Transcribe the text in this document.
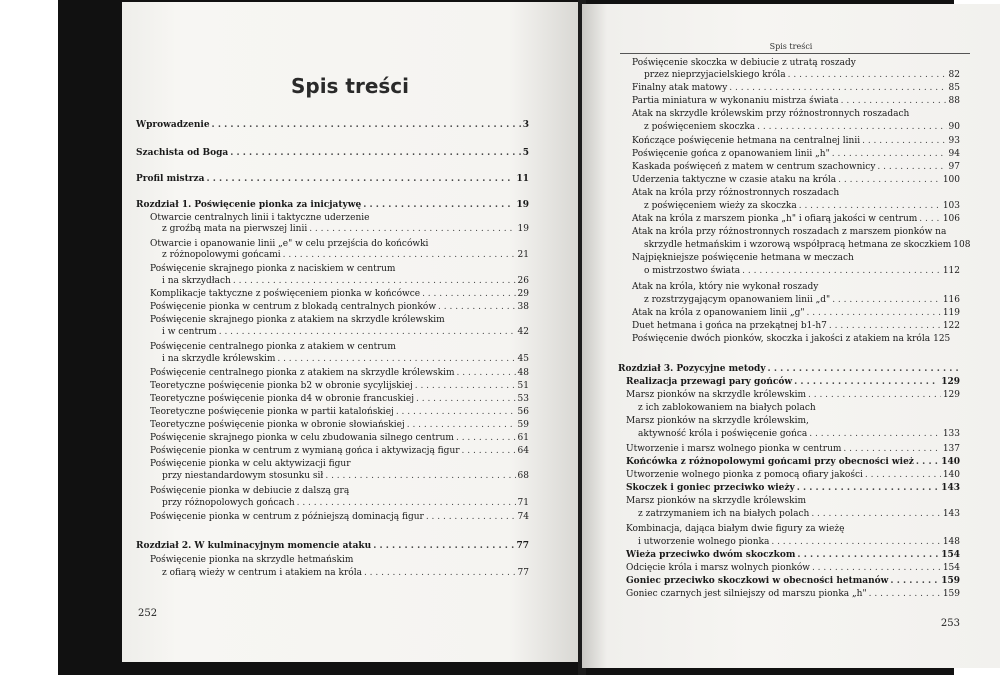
Spis treści
Wprowadzenie . . .	3
Szachista od Boga . . .	5
Profil mistrza . . .	11
Rozdział 1. Poświęcenie pionka za inicjatywę . . .	19
Otwarcie centralnych linii i taktyczne uderzenie
z groźbą mata na pierwszej linii . . .	19
Otwarcie i opanowanie linii „e" w celu przejścia do końcówki
z różnopolowymi gońcami . . .	21
Poświęcenie skrajnego pionka z naciskiem w centrum
i na skrzydłach . . .	26
Komplikacje taktyczne z poświęceniem pionka w końcówce . . .	29
Poświęcenie pionka w centrum z blokadą centralnych pionków . . .	38
Poświęcenie skrajnego pionka z atakiem na skrzydle królewskim
i w centrum . . .	42
Poświęcenie centralnego pionka z atakiem w centrum
i na skrzydle królewskim . . .	45
Poświęcenie centralnego pionka z atakiem na skrzydle królewskim . . .	48
Teoretyczne poświęcenie pionka b2 w obronie sycylijskiej . . .	51
Teoretyczne poświęcenie pionka d4 w obronie francuskiej . . .	53
Teoretyczne poświęcenie pionka w partii katalońskiej . . .	56
Teoretyczne poświęcenie pionka w obronie słowiańskiej . . .	59
Poświęcenie skrajnego pionka w celu zbudowania silnego centrum . . .	61
Poświęcenie pionka w centrum z wymianą gońca i aktywizacją figur . . .	64
Poświęcenie pionka w celu aktywizacji figur
przy niestandardowym stosunku sił . . .	68
Poświęcenie pionka w debiucie z dalszą grą
przy różnopolowych gońcach . . .	71
Poświęcenie pionka w centrum z późniejszą dominacją figur . . .	74
Rozdział 2. W kulminacyjnym momencie ataku . . .	77
Poświęcenie pionka na skrzydle hetmańskim
z ofiarą wieży w centrum i atakiem na króla . . .	77
252
Spis treści
Poświęcenie skoczka w debiucie z utratą roszady
przez nieprzyjacielskiego króla . . .	82
Finalny atak matowy . . .	85
Partia miniatura w wykonaniu mistrza świata . . .	88
Atak na skrzydle królewskim przy różnostronnych roszadach
z poświęceniem skoczka . . .	90
Kończące poświęcenie hetmana na centralnej linii . . .	93
Poświęcenie gońca z opanowaniem linii „h" . . .	94
Kaskada poświęceń z matem w centrum szachownicy . . .	97
Uderzenia taktyczne w czasie ataku na króla . . .	100
Atak na króla przy różnostronnych roszadach
z poświęceniem wieży za skoczka . . .	103
Atak na króla z marszem pionka „h" i ofiarą jakości w centrum . . .	106
Atak na króla przy różnostronnych roszadach z marszem pionków na
skrzydle hetmańskim i wzorową współpracą hetmana ze skoczkiem 108
Najpiękniejsze poświęcenie hetmana w meczach
o mistrzostwo świata . . .	112
Atak na króla, który nie wykonał roszady
z rozstrzygającym opanowaniem linii „d" . . .	116
Atak na króla z opanowaniem linii „g" . . .	119
Duet hetmana i gońca na przekątnej b1-h7 . . .	122
Poświęcenie dwóch pionków, skoczka i jakości z atakiem na króla 125
Rozdział 3. Pozycyjne metody
. . .
Realizacja przewagi pary gońców . . .	129
Marsz pionków na skrzydle królewskim . . .	129
z ich zablokowaniem na białych polach
Marsz pionków na skrzydle królewskim,
aktywność króla i poświęcenie gońca . . .	133
Utworzenie i marsz wolnego pionka w centrum . . .	137
Końcówka z różnopolowymi gońcami przy obecności wież . . .	140
Utworzenie wolnego pionka z pomocą ofiary jakości . . .	140
Skoczek i goniec przeciwko wieży . . .	143
Marsz pionków na skrzydle królewskim
z zatrzymaniem ich na białych polach . . .	143
Kombinacja, dająca białym dwie figury za wieżę
i utworzenie wolnego pionka . . .	148
Wieża przeciwko dwóm skoczkom . . .	154
Odcięcie króla i marsz wolnych pionków . . .	154
Goniec przeciwko skoczkowi w obecności hetmanów . . .	159
Goniec czarnych jest silniejszy od marszu pionka „h" . . .	159
253
